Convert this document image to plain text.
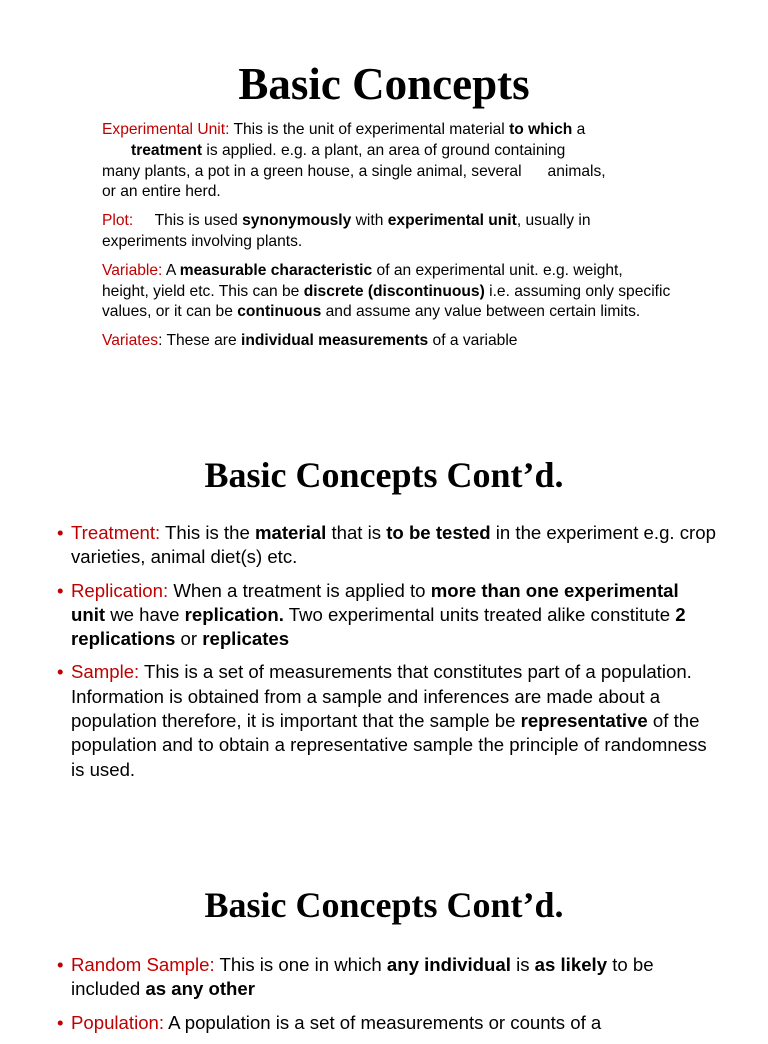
Basic Concepts

Experimental Unit: This is the unit of experimental material to which a
treatment is applied. e.g. a plant, an area of ground containing
many plants, a pot in a green house, a single animal, several      animals,
or an entire herd.

Plot:     This is used synonymously with experimental unit, usually in experiments involving plants.

Variable: A measurable characteristic of an experimental unit. e.g. weight, height, yield etc. This can be discrete (discontinuous) i.e. assuming only specific values, or it can be continuous and assume any value between certain limits.

Variates: These are individual measurements of a variable

Basic Concepts Cont’d.
• Treatment: This is the material that is to be tested in the experiment e.g. crop varieties, animal diet(s) etc.
• Replication: When a treatment is applied to more than one experimental unit we have replication. Two experimental units treated alike constitute 2 replications or replicates
• Sample: This is a set of measurements that constitutes part of a population. Information is obtained from a sample and inferences are made about a population therefore, it is important that the sample be representative of the population and to obtain a representative sample the principle of randomness is used.
Basic Concepts Cont’d.
• Random Sample: This is one in which any individual is as likely to be included as any other
• Population: A population is a set of measurements or counts of a
